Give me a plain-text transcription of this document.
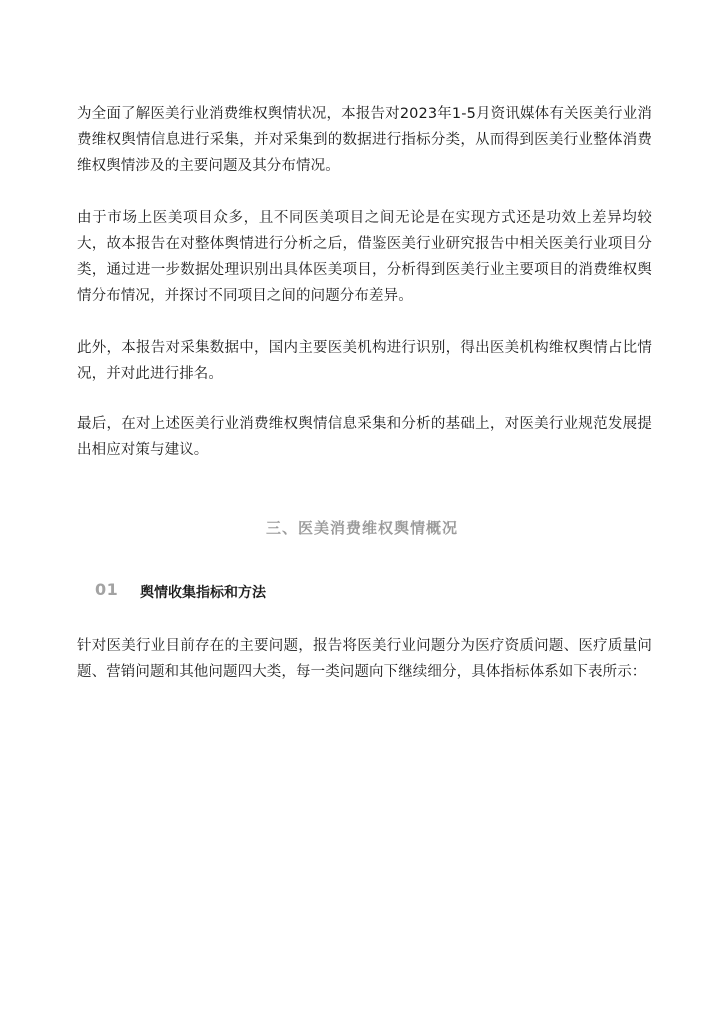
为全面了解医美行业消费维权舆情状况，本报告对2023年1-5月资讯媒体有关医美行业消费维权舆情信息进行采集，并对采集到的数据进行指标分类，从而得到医美行业整体消费维权舆情涉及的主要问题及其分布情况。

由于市场上医美项目众多，且不同医美项目之间无论是在实现方式还是功效上差异均较大，故本报告在对整体舆情进行分析之后，借鉴医美行业研究报告中相关医美行业项目分类，通过进一步数据处理识别出具体医美项目，分析得到医美行业主要项目的消费维权舆情分布情况，并探讨不同项目之间的问题分布差异。

此外，本报告对采集数据中，国内主要医美机构进行识别，得出医美机构维权舆情占比情况，并对此进行排名。

最后，在对上述医美行业消费维权舆情信息采集和分析的基础上，对医美行业规范发展提出相应对策与建议。

三、医美消费维权舆情概况
01 舆情收集指标和方法

针对医美行业目前存在的主要问题，报告将医美行业问题分为医疗资质问题、医疗质量问题、营销问题和其他问题四大类，每一类问题向下继续细分，具体指标体系如下表所示：
